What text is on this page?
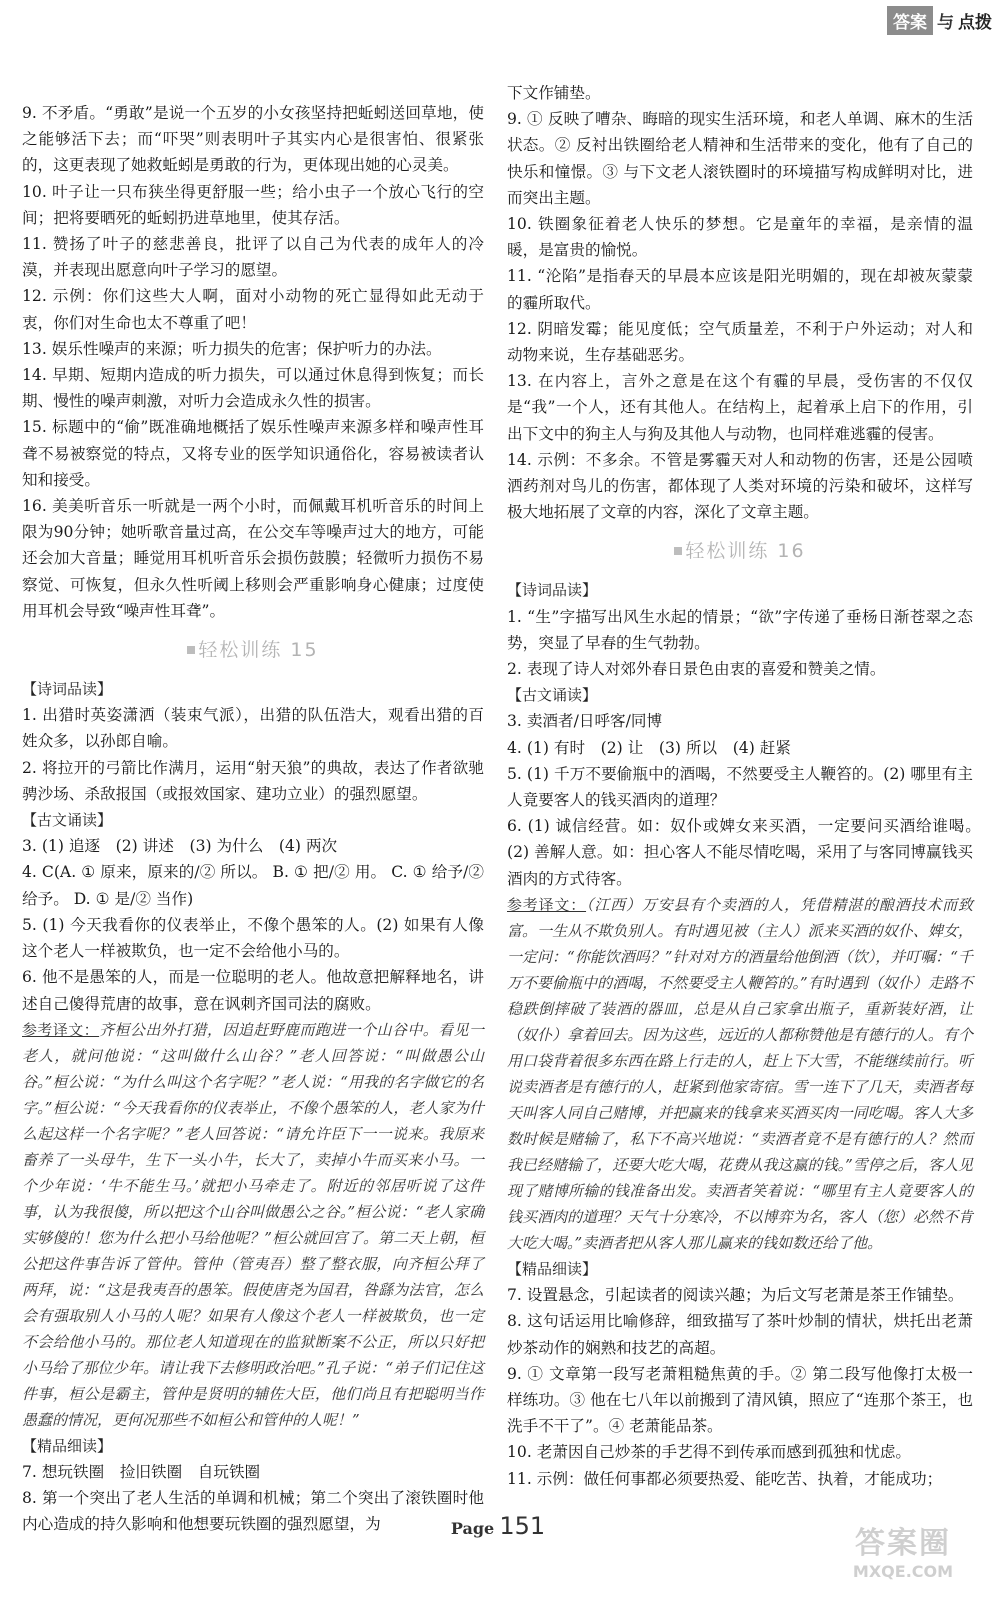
答案 与 点拨

9. 不矛盾。“勇敢”是说一个五岁的小女孩坚持把蚯蚓送回草地，使之能够活下去；而“吓哭”则表明叶子其实内心是很害怕、很紧张的，这更表现了她救蚯蚓是勇敢的行为，更体现出她的心灵美。

10. 叶子让一只布狭坐得更舒服一些；给小虫子一个放心飞行的空间；把将要晒死的蚯蚓扔进草地里，使其存活。

11. 赞扬了叶子的慈悲善良，批评了以自己为代表的成年人的冷漠，并表现出愿意向叶子学习的愿望。

12. 示例：你们这些大人啊，面对小动物的死亡显得如此无动于衷，你们对生命也太不尊重了吧！

13. 娱乐性噪声的来源；听力损失的危害；保护听力的办法。

14. 早期、短期内造成的听力损失，可以通过休息得到恢复；而长期、慢性的噪声刺激，对听力会造成永久性的损害。

15. 标题中的“偷”既准确地概括了娱乐性噪声来源多样和噪声性耳聋不易被察觉的特点，又将专业的医学知识通俗化，容易被读者认知和接受。

16. 美美听音乐一听就是一两个小时，而佩戴耳机听音乐的时间上限为90分钟；她听歌音量过高，在公交车等噪声过大的地方，可能还会加大音量；睡觉用耳机听音乐会损伤鼓膜；轻微听力损伤不易察觉、可恢复，但永久性听阈上移则会严重影响身心健康；过度使用耳机会导致“噪声性耳聋”。

轻松训练 15

【诗词品读】

1. 出猎时英姿潇洒（装束气派），出猎的队伍浩大，观看出猎的百姓众多，以孙郎自喻。

2. 将拉开的弓箭比作满月，运用“射天狼”的典故，表达了作者欲驰骋沙场、杀敌报国（或报效国家、建功立业）的强烈愿望。

【古文诵读】

3. (1) 追逐　(2) 讲述　(3) 为什么　(4) 两次

4. C(A. ① 原来，原来的/② 所以。 B. ① 把/② 用。 C. ① 给予/② 给予。 D. ① 是/② 当作)

5. (1) 今天我看你的仪表举止，不像个愚笨的人。(2) 如果有人像这个老人一样被欺负，也一定不会给他小马的。

6. 他不是愚笨的人，而是一位聪明的老人。他故意把解释地名，讲述自己傻得荒唐的故事，意在讽刺齐国司法的腐败。

参考译文：齐桓公出外打猎，因追赶野鹿而跑进一个山谷中。看见一老人，就问他说：“这叫做什么山谷？”老人回答说：“叫做愚公山谷。”桓公说：“为什么叫这个名字呢？”老人说：“用我的名字做它的名字。”桓公说：“今天我看你的仪表举止，不像个愚笨的人，老人家为什么起这样一个名字呢？”老人回答说：“请允许臣下一一说来。我原来畜养了一头母牛，生下一头小牛，长大了，卖掉小牛而买来小马。一个少年说：‘牛不能生马。’就把小马牵走了。附近的邻居听说了这件事，认为我很傻，所以把这个山谷叫做愚公之谷。”桓公说：“老人家确实够傻的！您为什么把小马给他呢？”桓公就回宫了。第二天上朝，桓公把这件事告诉了管仲。管仲（管夷吾）整了整衣服，向齐桓公拜了两拜，说：“这是我夷吾的愚笨。假使唐尧为国君，咎繇为法官，怎么会有强取别人小马的人呢？如果有人像这个老人一样被欺负，也一定不会给他小马的。那位老人知道现在的监狱断案不公正，所以只好把小马给了那位少年。请让我下去修明政治吧。”孔子说：“弟子们记住这件事，桓公是霸主，管仲是贤明的辅佐大臣，他们尚且有把聪明当作愚蠢的情况，更何况那些不如桓公和管仲的人呢！”

【精品细读】

7. 想玩铁圈　捡旧铁圈　自玩铁圈

8. 第一个突出了老人生活的单调和机械；第二个突出了滚铁圈时他内心造成的持久影响和他想要玩铁圈的强烈愿望，为

下文作铺垫。

9. ① 反映了嘈杂、晦暗的现实生活环境，和老人单调、麻木的生活状态。② 反衬出铁圈给老人精神和生活带来的变化，他有了自己的快乐和憧憬。③ 与下文老人滚铁圈时的环境描写构成鲜明对比，进而突出主题。

10. 铁圈象征着老人快乐的梦想。它是童年的幸福，是亲情的温暖，是富贵的愉悦。

11. “沦陷”是指春天的早晨本应该是阳光明媚的，现在却被灰蒙蒙的霾所取代。

12. 阴暗发霉；能见度低；空气质量差，不利于户外运动；对人和动物来说，生存基础恶劣。

13. 在内容上，言外之意是在这个有霾的早晨，受伤害的不仅仅是“我”一个人，还有其他人。在结构上，起着承上启下的作用，引出下文中的狗主人与狗及其他人与动物，也同样难逃霾的侵害。

14. 示例：不多余。不管是雾霾天对人和动物的伤害，还是公园喷洒药剂对鸟儿的伤害，都体现了人类对环境的污染和破坏，这样写极大地拓展了文章的内容，深化了文章主题。

轻松训练 16

【诗词品读】

1. “生”字描写出风生水起的情景；“欲”字传递了垂杨日渐苍翠之态势，突显了早春的生气勃勃。

2. 表现了诗人对郊外春日景色由衷的喜爱和赞美之情。

【古文诵读】

3. 卖酒者/日呼客/同博

4. (1) 有时　(2) 让　(3) 所以　(4) 赶紧

5. (1) 千万不要偷瓶中的酒喝，不然要受主人鞭笞的。(2) 哪里有主人竟要客人的钱买酒肉的道理？

6. (1) 诚信经营。如：奴仆或婢女来买酒，一定要问买酒给谁喝。　(2) 善解人意。如：担心客人不能尽情吃喝，采用了与客同博赢钱买酒肉的方式待客。

参考译文：（江西）万安县有个卖酒的人，凭借精湛的酿酒技术而致富。一生从不欺负别人。有时遇见被（主人）派来买酒的奴仆、婢女，一定问：“你能饮酒吗？”针对对方的酒量给他倒酒（饮），并叮嘱：“千万不要偷瓶中的酒喝，不然要受主人鞭笞的。”有时遇到（奴仆）走路不稳跌倒摔破了装酒的器皿，总是从自己家拿出瓶子，重新装好酒，让（奴仆）拿着回去。因为这些，远近的人都称赞他是有德行的人。有个用口袋背着很多东西在路上行走的人，赶上下大雪，不能继续前行。听说卖酒者是有德行的人，赶紧到他家寄宿。雪一连下了几天，卖酒者每天叫客人同自己赌博，并把赢来的钱拿来买酒买肉一同吃喝。客人大多数时候是赌输了，私下不高兴地说：“卖酒者竟不是有德行的人？然而我已经赌输了，还要大吃大喝，花费从我这赢的钱。”雪停之后，客人见现了赌博所输的钱准备出发。卖酒者笑着说：“哪里有主人竟要客人的钱买酒肉的道理？天气十分寒冷，不以博弈为名，客人（您）必然不肯大吃大喝。”卖酒者把从客人那儿赢来的钱如数还给了他。

【精品细读】

7. 设置悬念，引起读者的阅读兴趣；为后文写老萧是茶王作铺垫。

8. 这句话运用比喻修辞，细致描写了茶叶炒制的情状，烘托出老萧炒茶动作的娴熟和技艺的高超。

9. ① 文章第一段写老萧粗糙焦黄的手。② 第二段写他像打太极一样练功。③ 他在七八年以前搬到了清风镇，照应了“连那个茶王，也洗手不干了”。④ 老萧能品茶。

10. 老萧因自己炒茶的手艺得不到传承而感到孤独和忧虑。

11. 示例：做任何事都必须要热爱、能吃苦、执着，才能成功；

Page 151	答案圈
MXQE.COM
